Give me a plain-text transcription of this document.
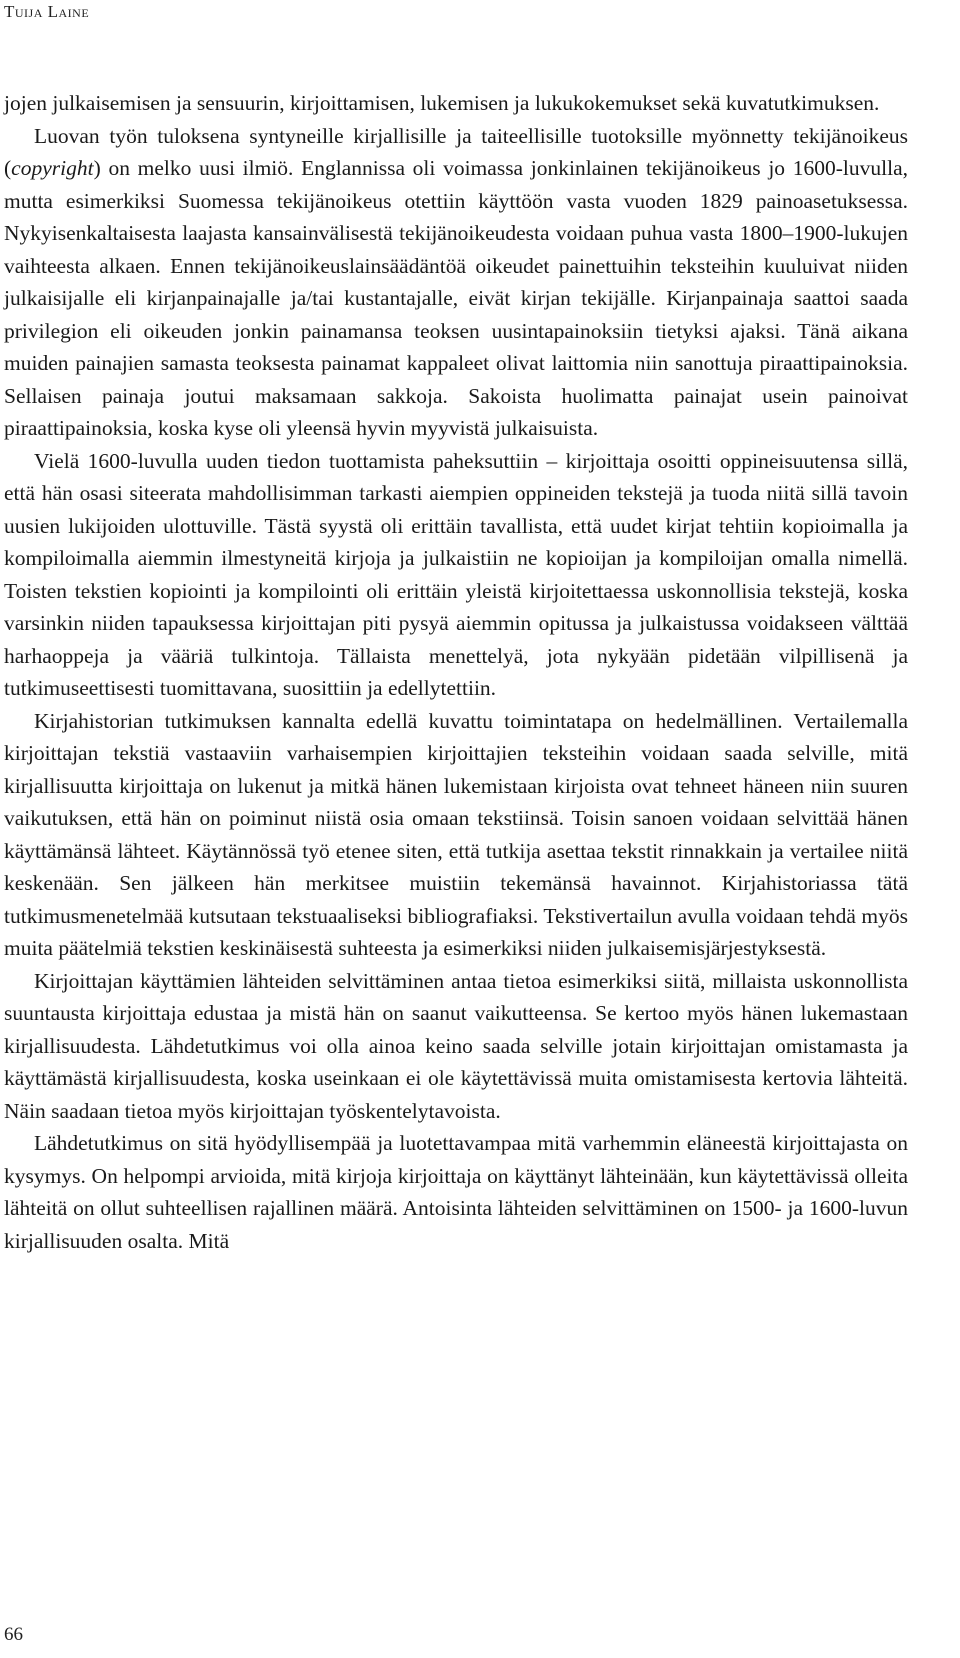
Tuija Laine

jojen julkaisemisen ja sensuurin, kirjoittamisen, lukemisen ja lukukokemukset sekä kuvatutkimuksen.

Luovan työn tuloksena syntyneille kirjallisille ja taiteellisille tuotoksille myönnetty tekijänoikeus (copyright) on melko uusi ilmiö. Englannissa oli voimassa jonkinlainen tekijänoikeus jo 1600-luvulla, mutta esimerkiksi Suomessa tekijänoikeus otettiin käyttöön vasta vuoden 1829 painoasetuksessa. Nykyisenkaltaisesta laajasta kansainvälisestä tekijänoikeudesta voidaan puhua vasta 1800–1900-lukujen vaihteesta alkaen. Ennen tekijänoikeuslainsäädäntöä oikeudet painettuihin teksteihin kuuluivat niiden julkaisijalle eli kirjanpainajalle ja/tai kustantajalle, eivät kirjan tekijälle. Kirjanpainaja saattoi saada privilegion eli oikeuden jonkin painamansa teoksen uusintapainoksiin tietyksi ajaksi. Tänä aikana muiden painajien samasta teoksesta painamat kappaleet olivat laittomia niin sanottuja piraattipainoksia. Sellaisen painaja joutui maksamaan sakkoja. Sakoista huolimatta painajat usein painoivat piraattipainoksia, koska kyse oli yleensä hyvin myyvistä julkaisuista.

Vielä 1600-luvulla uuden tiedon tuottamista paheksuttiin – kirjoittaja osoitti oppineisuutensa sillä, että hän osasi siteerata mahdollisimman tarkasti aiempien oppineiden tekstejä ja tuoda niitä sillä tavoin uusien lukijoiden ulottuville. Tästä syystä oli erittäin tavallista, että uudet kirjat tehtiin kopioimalla ja kompiloimalla aiemmin ilmestyneitä kirjoja ja julkaistiin ne kopioijan ja kompiloijan omalla nimellä. Toisten tekstien kopiointi ja kompilointi oli erittäin yleistä kirjoitettaessa uskonnollisia tekstejä, koska varsinkin niiden tapauksessa kirjoittajan piti pysyä aiemmin opitussa ja julkaistussa voidakseen välttää harhaoppeja ja vääriä tulkintoja. Tällaista menettelyä, jota nykyään pidetään vilpillisenä ja tutkimuseettisesti tuomittavana, suosittiin ja edellytettiin.

Kirjahistorian tutkimuksen kannalta edellä kuvattu toimintatapa on hedelmällinen. Vertailemalla kirjoittajan tekstiä vastaaviin varhaisempien kirjoittajien teksteihin voidaan saada selville, mitä kirjallisuutta kirjoittaja on lukenut ja mitkä hänen lukemistaan kirjoista ovat tehneet häneen niin suuren vaikutuksen, että hän on poiminut niistä osia omaan tekstiinsä. Toisin sanoen voidaan selvittää hänen käyttämänsä lähteet. Käytännössä työ etenee siten, että tutkija asettaa tekstit rinnakkain ja vertailee niitä keskenään. Sen jälkeen hän merkitsee muistiin tekemänsä havainnot. Kirjahistoriassa tätä tutkimusmenetelmää kutsutaan tekstuaaliseksi bibliografiaksi. Tekstivertailun avulla voidaan tehdä myös muita päätelmiä tekstien keskinäisestä suhteesta ja esimerkiksi niiden julkaisemisjärjestyksestä.

Kirjoittajan käyttämien lähteiden selvittäminen antaa tietoa esimerkiksi siitä, millaista uskonnollista suuntausta kirjoittaja edustaa ja mistä hän on saanut vaikutteensa. Se kertoo myös hänen lukemastaan kirjallisuudesta. Lähdetutkimus voi olla ainoa keino saada selville jotain kirjoittajan omistamasta ja käyttämästä kirjallisuudesta, koska useinkaan ei ole käytettävissä muita omistamisesta kertovia lähteitä. Näin saadaan tietoa myös kirjoittajan työskentelytavoista.

Lähdetutkimus on sitä hyödyllisempää ja luotettavampaa mitä varhemmin eläneestä kirjoittajasta on kysymys. On helpompi arvioida, mitä kirjoja kirjoittaja on käyttänyt lähteinään, kun käytettävissä olleita lähteitä on ollut suhteellisen rajallinen määrä. Antoisinta lähteiden selvittäminen on 1500- ja 1600-luvun kirjallisuuden osalta. Mitä

66
